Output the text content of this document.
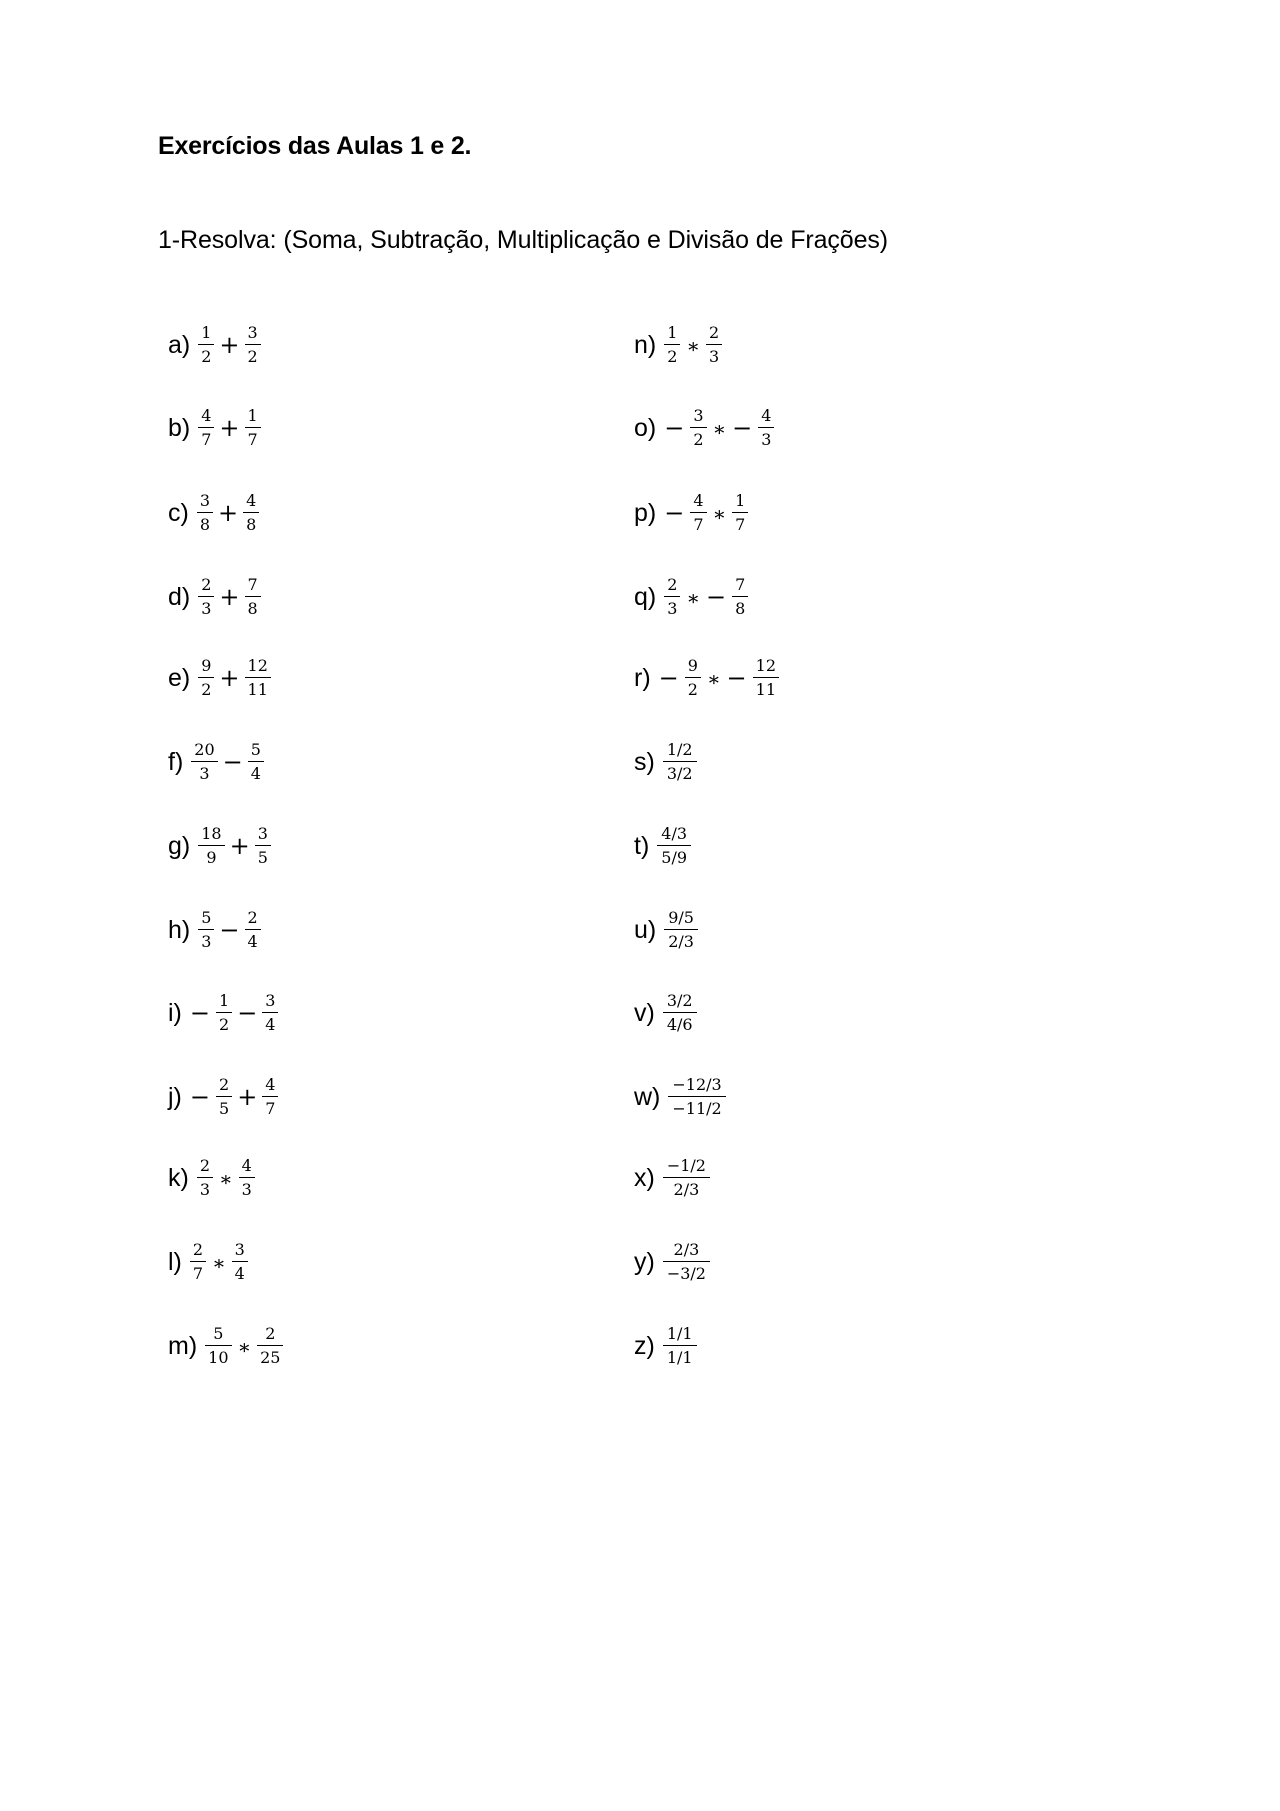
Exercícios das Aulas 1 e 2.
1-Resolva: (Soma, Subtração, Multiplicação e Divisão de Frações)
$a) \frac{1}{2} + \frac{3}{2}$
$b) \frac{4}{7} + \frac{1}{7}$
$c) \frac{3}{8} + \frac{4}{8}$
$d) \frac{2}{3} + \frac{7}{8}$
$e) \frac{9}{2} + \frac{12}{11}$
$f) \frac{20}{3} - \frac{5}{4}$
$g) \frac{18}{9} + \frac{3}{5}$
$h) \frac{5}{3} - \frac{2}{4}$
$i) - \frac{1}{2} - \frac{3}{4}$
$j) - \frac{2}{5} + \frac{4}{7}$
$k) \frac{2}{3}$ ∗ $\frac{4}{3}$
$l) \frac{2}{7}$ ∗ $\frac{3}{4}$
$m) \frac{5}{10}$ ∗ $\frac{2}{25}$
$n) \frac{1}{2}$ ∗ $\frac{2}{3}$
$o) - \frac{3}{2}$ ∗ − $\frac{4}{3}$
$p) - \frac{4}{7}$ ∗ $\frac{1}{7}$
$q) \frac{2}{3}$ ∗ − $\frac{7}{8}$
$r) - \frac{9}{2}$ ∗ − $\frac{12}{11}$
$s) \frac{1/2}{3/2}$
$t) \frac{4/3}{5/9}$
$u) \frac{9/5}{2/3}$
$v) \frac{3/2}{4/6}$
$w) \frac{-12/3}{-11/2}$
$x) \frac{-1/2}{2/3}$
$y) \frac{2/3}{-3/2}$
$z) \frac{1/1}{1/1}$
